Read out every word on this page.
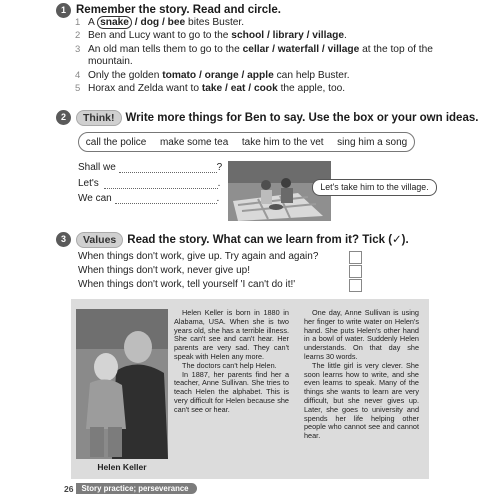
1 Remember the story. Read and circle.
1 A snake / dog / bee bites Buster.
2 Ben and Lucy want to go to the school / library / village.
3 An old man tells them to go to the cellar / waterfall / village at the top of the mountain.
4 Only the golden tomato / orange / apple can help Buster.
5 Horax and Zelda want to take / eat / cook the apple, too.
2	Think! Write more things for Ben to say. Use the box or your own ideas.
call the police make some tea take him to the vet sing him a song
Shall we	?
Let's	.
We can	.
Let's take him to the village.
3	Values Read the story. What can we learn from it? Tick (✓).
When things don't work, give up. Try again and again?
When things don't work, never give up!
When things don't work, tell yourself 'I can't do it!'
Helen Keller

Helen Keller is born in 1880 in Alabama, USA. When she is two years old, she has a terrible illness. She can't see and can't hear. Her parents are very sad. They can't speak with Helen any more.

The doctors can't help Helen.

In 1887, her parents find her a teacher, Anne Sullivan. She tries to teach Helen the alphabet. This is very difficult for Helen because she can't see or hear.

One day, Anne Sullivan is using her finger to write water on Helen's hand. She puts Helen's other hand in a bowl of water. Suddenly Helen understands. On that day she learns 30 words.

The little girl is very clever. She soon learns how to write, and she even learns to speak. Many of the things she wants to learn are very difficult, but she never gives up. Later, she goes to university and spends her life helping other people who cannot see and cannot hear.

26	Story practice; perseverance
